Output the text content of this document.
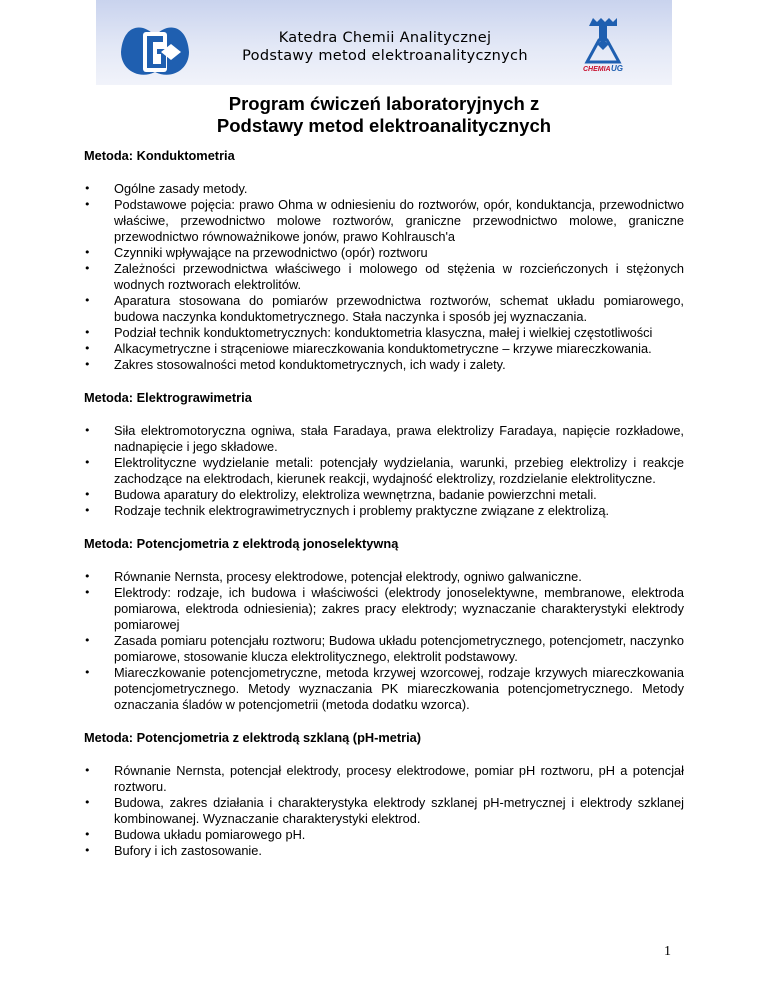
CHEMIA UG
Katedra Chemii Analitycznej
Podstawy metod elektroanalitycznych
Program ćwiczeń laboratoryjnych z
Podstawy metod elektroanalitycznych

Metoda: Konduktometria

• Ogólne zasady metody.
• Podstawowe pojęcia: prawo Ohma w odniesieniu do roztworów, opór, konduktancja, przewodnictwo właściwe, przewodnictwo molowe roztworów, graniczne przewodnictwo molowe, graniczne przewodnictwo równoważnikowe jonów, prawo Kohlrausch'a
• Czynniki wpływające na przewodnictwo (opór) roztworu
• Zależności przewodnictwa właściwego i molowego od stężenia w rozcieńczonych i stężonych wodnych roztworach elektrolitów.
• Aparatura stosowana do pomiarów przewodnictwa roztworów, schemat układu pomiarowego, budowa naczynka konduktometrycznego. Stała naczynka i sposób jej wyznaczania.
• Podział technik konduktometrycznych: konduktometria klasyczna, małej i wielkiej częstotliwości
• Alkacymetryczne i strąceniowe miareczkowania konduktometryczne – krzywe miareczkowania.
• Zakres stosowalności metod konduktometrycznych, ich wady i zalety.

Metoda: Elektrograwimetria

• Siła elektromotoryczna ogniwa, stała Faradaya, prawa elektrolizy Faradaya, napięcie rozkładowe, nadnapięcie i jego składowe.
• Elektrolityczne wydzielanie metali: potencjały wydzielania, warunki, przebieg elektrolizy i reakcje zachodzące na elektrodach, kierunek reakcji, wydajność elektrolizy, rozdzielanie elektrolityczne.
• Budowa aparatury do elektrolizy, elektroliza wewnętrzna, badanie powierzchni metali.
• Rodzaje technik elektrograwimetrycznych i problemy praktyczne związane z elektrolizą.

Metoda: Potencjometria z elektrodą jonoselektywną

• Równanie Nernsta, procesy elektrodowe, potencjał elektrody, ogniwo galwaniczne.
• Elektrody: rodzaje, ich budowa i właściwości (elektrody jonoselektywne, membranowe, elektroda pomiarowa, elektroda odniesienia); zakres pracy elektrody; wyznaczanie charakterystyki elektrody pomiarowej
• Zasada pomiaru potencjału roztworu; Budowa układu potencjometrycznego, potencjometr, naczynko pomiarowe, stosowanie klucza elektrolitycznego, elektrolit podstawowy.
• Miareczkowanie potencjometryczne, metoda krzywej wzorcowej, rodzaje krzywych miareczkowania potencjometrycznego. Metody wyznaczania PK miareczkowania potencjometrycznego. Metody oznaczania śladów w potencjometrii (metoda dodatku wzorca).

Metoda: Potencjometria z elektrodą szklaną (pH-metria)

• Równanie Nernsta, potencjał elektrody, procesy elektrodowe, pomiar pH roztworu, pH a potencjał roztworu.
• Budowa, zakres działania i charakterystyka elektrody szklanej pH-metrycznej i elektrody szklanej kombinowanej. Wyznaczanie charakterystyki elektrod.
• Budowa układu pomiarowego pH.
• Bufory i ich zastosowanie.
1
